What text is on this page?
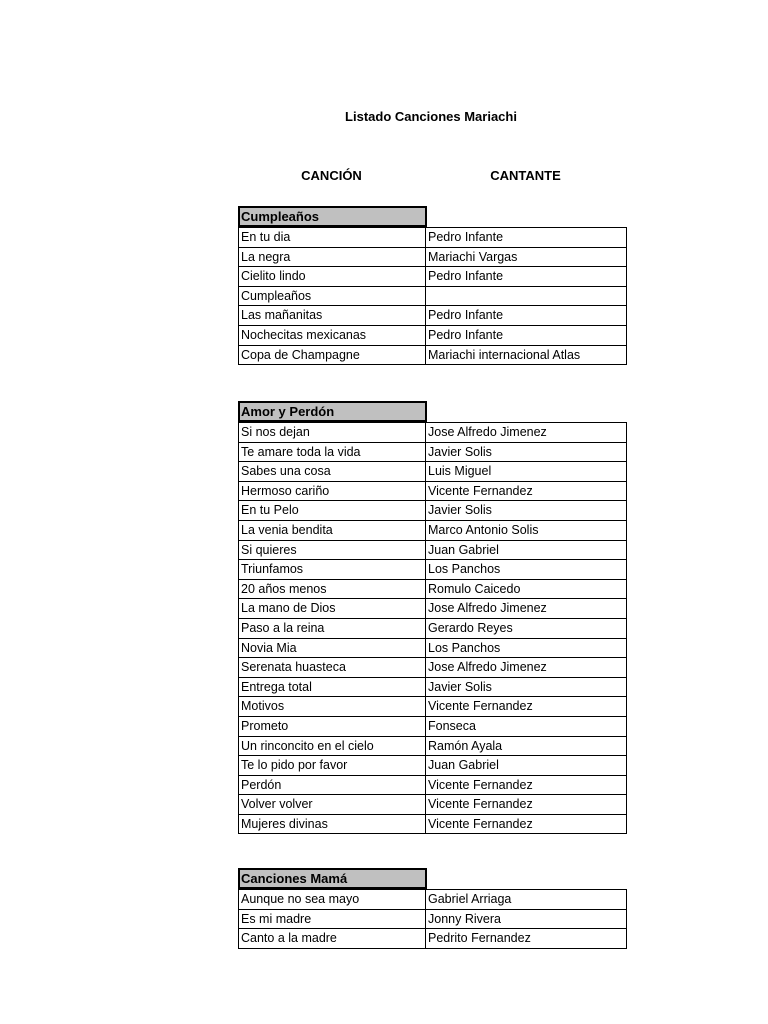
Listado Canciones Mariachi
CANCIÓN	CANTANTE
Cumpleaños
En tu dia	Pedro Infante
La negra	Mariachi Vargas
Cielito lindo	Pedro Infante
Cumpleaños
Las mañanitas	Pedro Infante
Nochecitas mexicanas	Pedro Infante
Copa de Champagne	Mariachi internacional Atlas
Amor y Perdón
Si nos dejan	Jose Alfredo Jimenez
Te amare toda la vida	Javier Solis
Sabes una cosa	Luis Miguel
Hermoso cariño	Vicente Fernandez
En tu Pelo	Javier Solis
La venia bendita	Marco Antonio Solis
Si quieres	Juan Gabriel
Triunfamos	Los Panchos
20 años menos	Romulo Caicedo
La mano de Dios	Jose Alfredo Jimenez
Paso a la reina	Gerardo Reyes
Novia Mia	Los Panchos
Serenata huasteca	Jose Alfredo Jimenez
Entrega total	Javier Solis
Motivos	Vicente Fernandez
Prometo	Fonseca
Un rinconcito en el cielo	Ramón Ayala
Te lo pido por favor	Juan Gabriel
Perdón	Vicente Fernandez
Volver volver	Vicente Fernandez
Mujeres divinas	Vicente Fernandez
Canciones Mamá
Aunque no sea mayo	Gabriel Arriaga
Es mi madre	Jonny Rivera
Canto a la madre	Pedrito Fernandez
